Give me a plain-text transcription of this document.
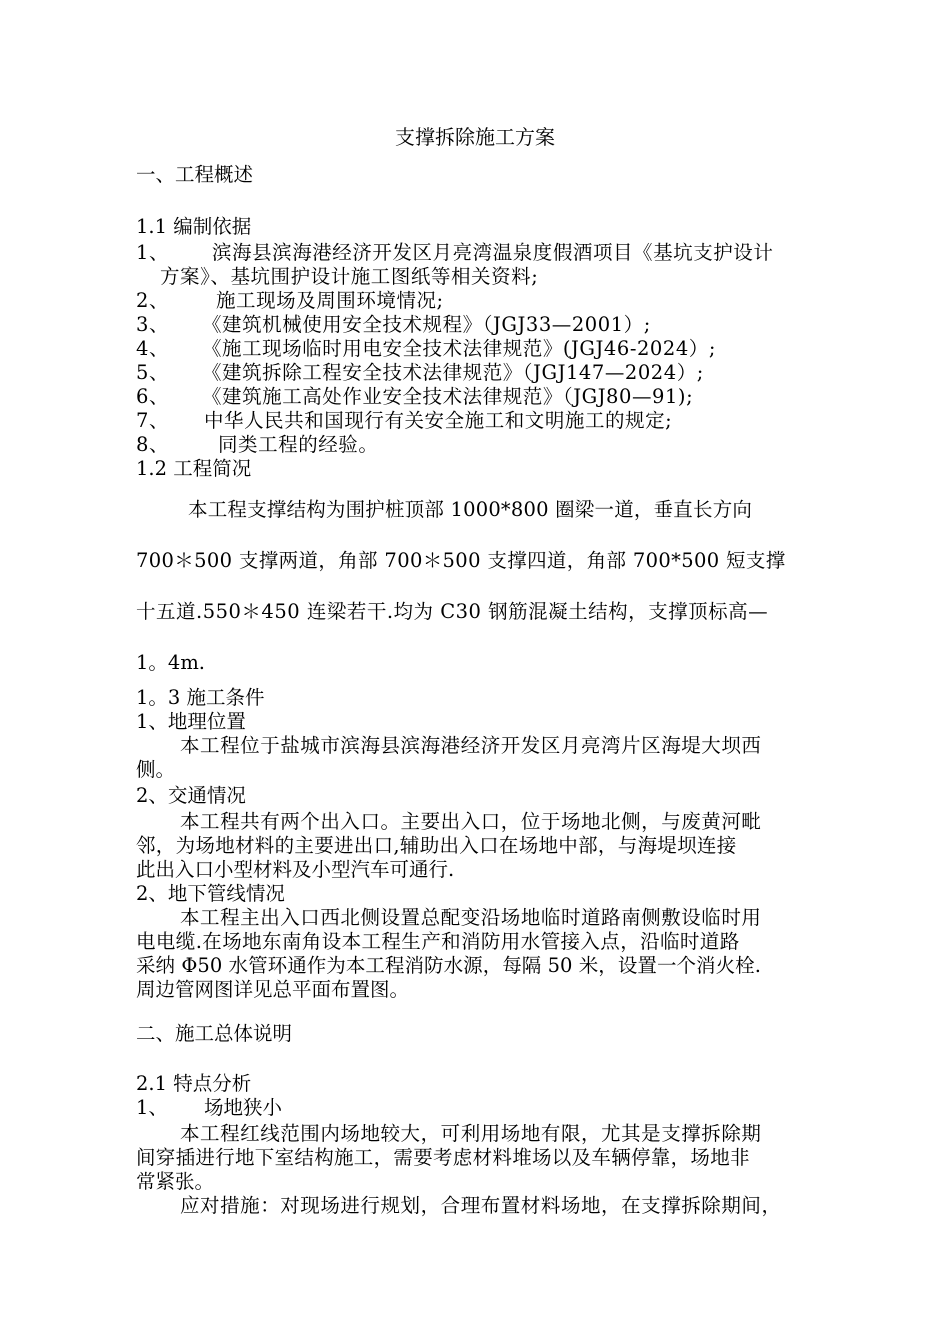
支撑拆除施工方案
一、工程概述
1.1 编制依据
1、 滨海县滨海港经济开发区月亮湾温泉度假酒项目《基坑支护设计
方案》、基坑围护设计施工图纸等相关资料;
2、 施工现场及周围环境情况;
3、 《建筑机械使用安全技术规程》（JGJ33—2001）;
4、 《施工现场临时用电安全技术法律规范》(JGJ46-2024）;
5、 《建筑拆除工程安全技术法律规范》（JGJ147—2024）;
6、 《建筑施工高处作业安全技术法律规范》（JGJ80—91);
7、 中华人民共和国现行有关安全施工和文明施工的规定;
8、	同类工程的经验。
1.2 工程简况
本工程支撑结构为围护桩顶部 1000*800 圈梁一道，垂直长方向
700＊500 支撑两道，角部 700＊500 支撑四道，角部 700*500 短支撑
十五道.550＊450 连梁若干.均为 C30 钢筋混凝土结构，支撑顶标高—
1。4m.
1。3 施工条件
1、地理位置
本工程位于盐城市滨海县滨海港经济开发区月亮湾片区海堤大坝西
侧。
2、交通情况
本工程共有两个出入口。主要出入口，位于场地北侧，与废黄河毗
邻，为场地材料的主要进出口,辅助出入口在场地中部，与海堤坝连接
此出入口小型材料及小型汽车可通行.
2、地下管线情况
本工程主出入口西北侧设置总配变沿场地临时道路南侧敷设临时用
电电缆.在场地东南角设本工程生产和消防用水管接入点，沿临时道路
采纳 Φ50 水管环通作为本工程消防水源，每隔 50 米，设置一个消火栓.
周边管网图详见总平面布置图。
二、施工总体说明
2.1 特点分析
1、 场地狭小
本工程红线范围内场地较大，可利用场地有限，尤其是支撑拆除期
间穿插进行地下室结构施工，需要考虑材料堆场以及车辆停靠，场地非
常紧张。
应对措施：对现场进行规划，合理布置材料场地，在支撑拆除期间，
